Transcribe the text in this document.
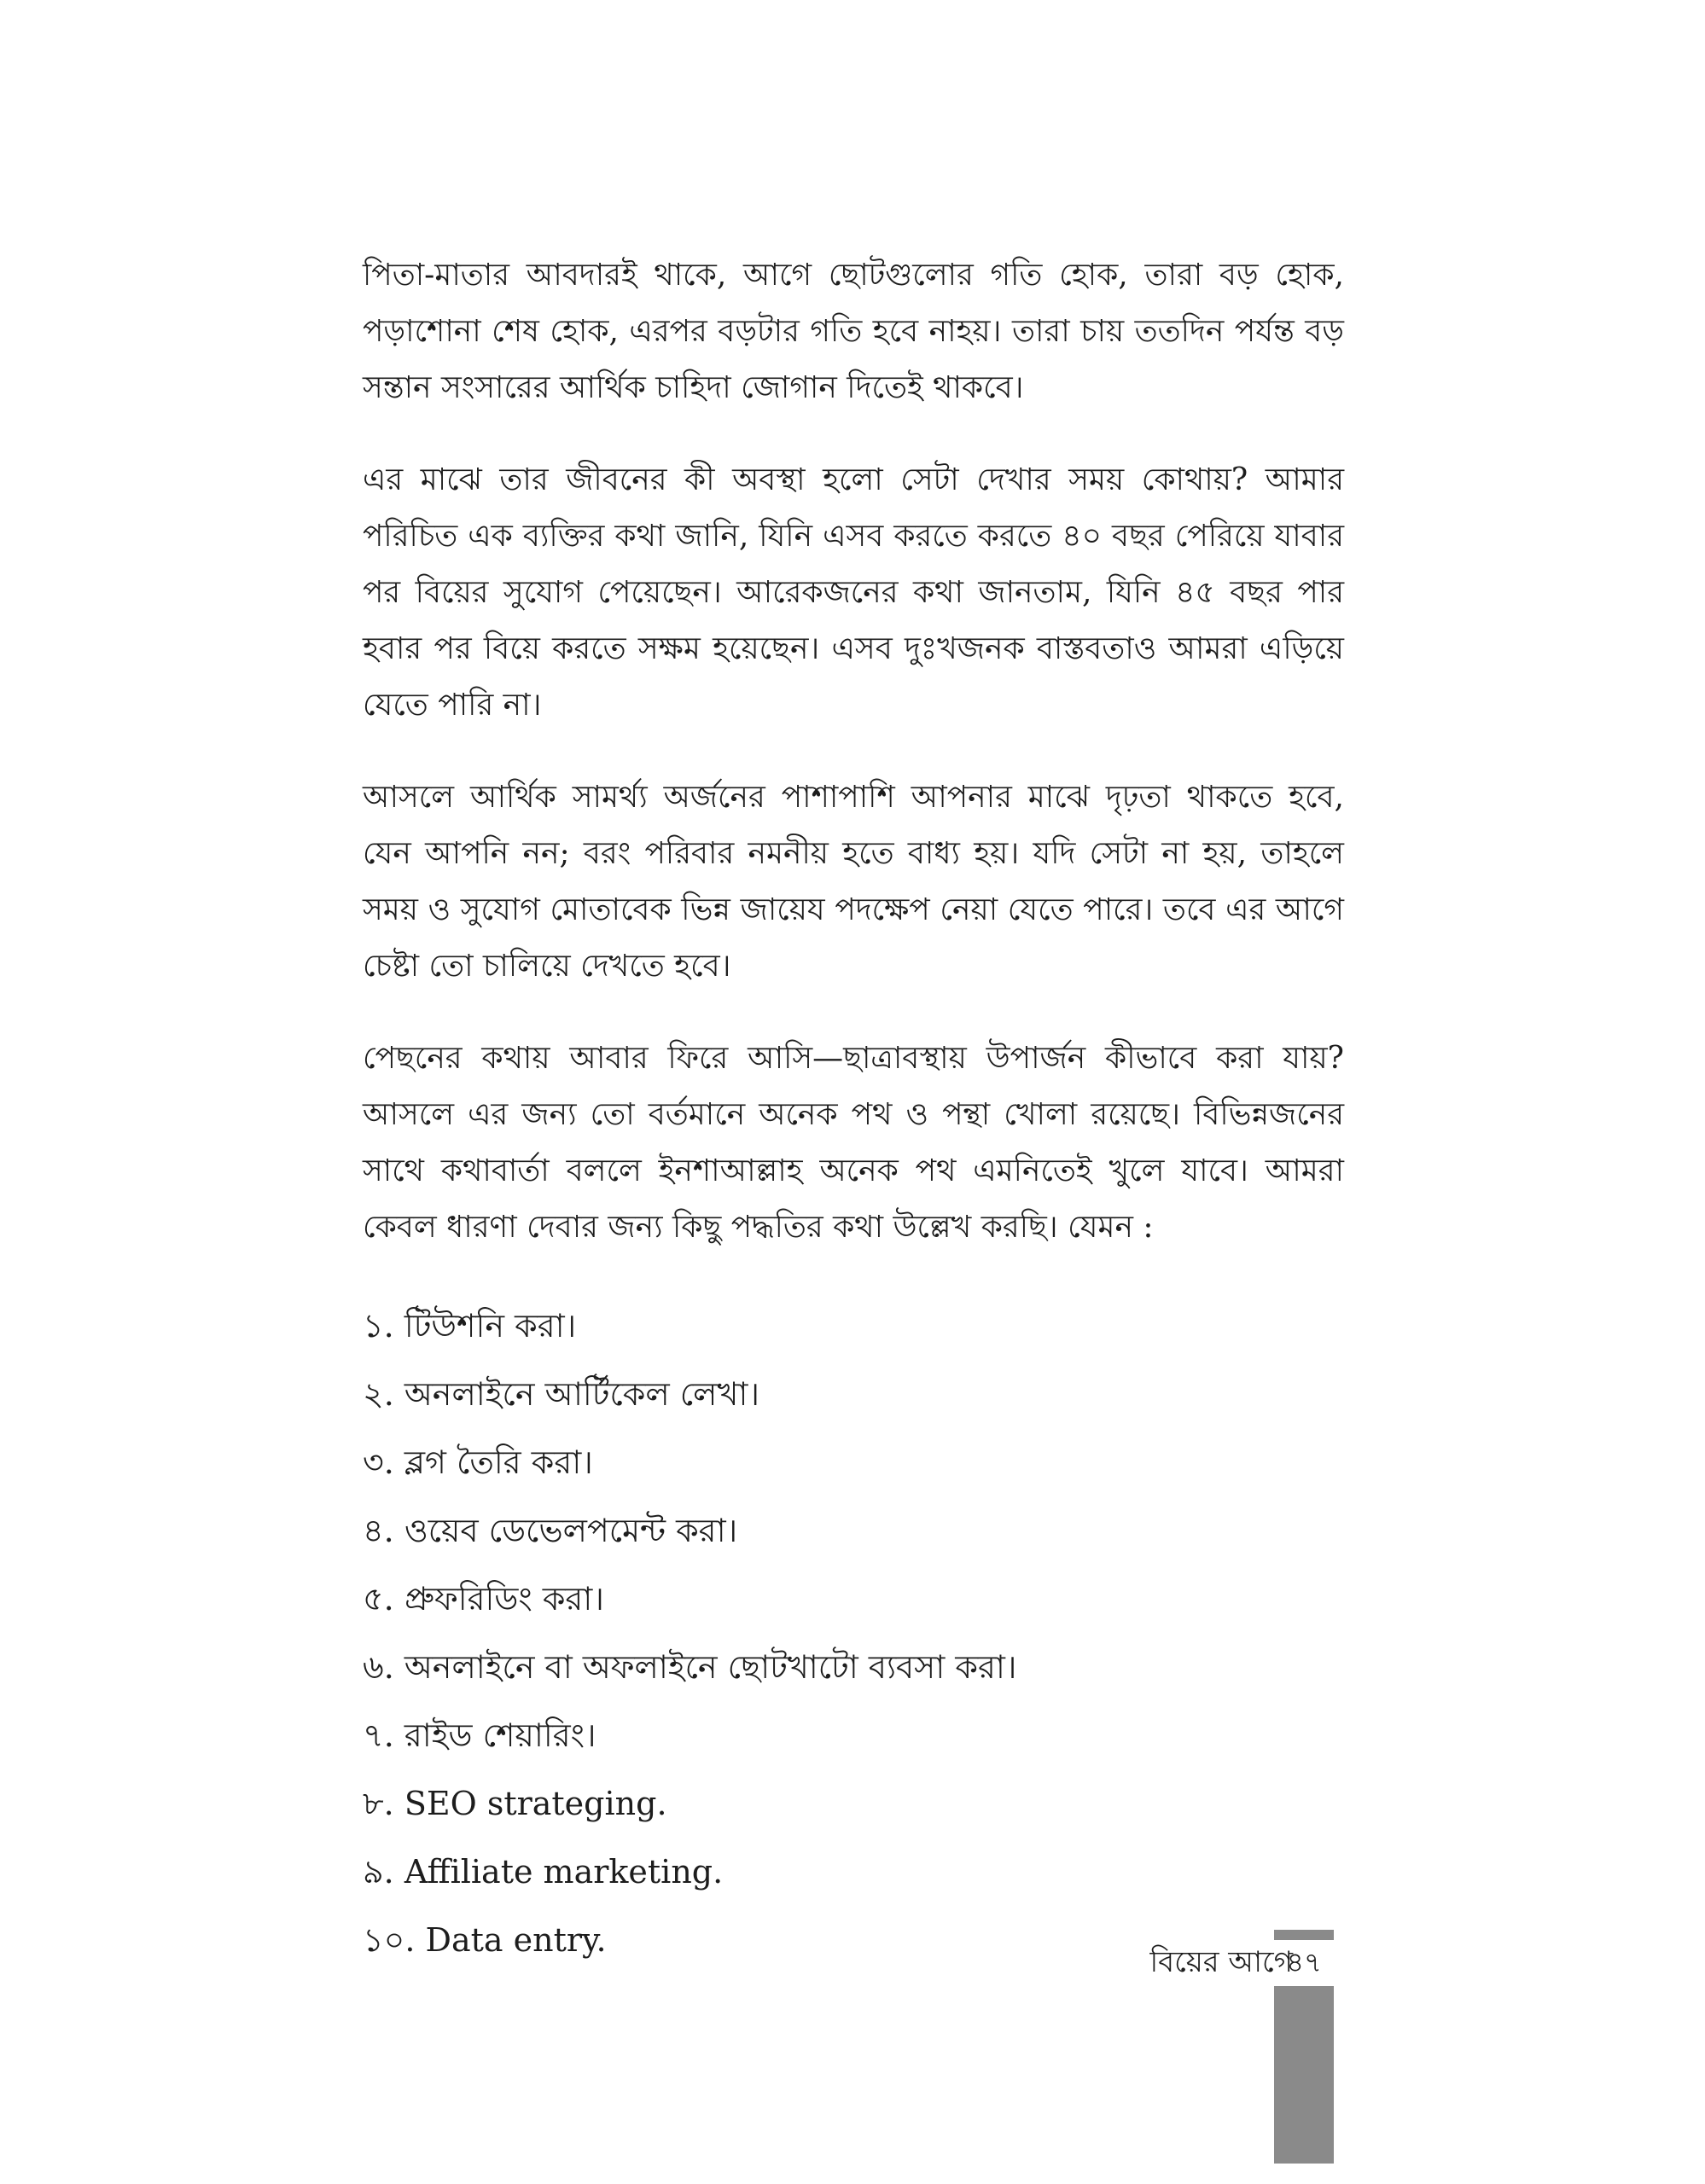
পিতা-মাতার আবদারই থাকে, আগে ছোটগুলোর গতি হোক, তারা বড় হোক, পড়াশোনা শেষ হোক, এরপর বড়টার গতি হবে নাহয়। তারা চায় ততদিন পর্যন্ত বড় সন্তান সংসারের আর্থিক চাহিদা জোগান দিতেই থাকবে।

এর মাঝে তার জীবনের কী অবস্থা হলো সেটা দেখার সময় কোথায়? আমার পরিচিত এক ব্যক্তির কথা জানি, যিনি এসব করতে করতে ৪০ বছর পেরিয়ে যাবার পর বিয়ের সুযোগ পেয়েছেন। আরেকজনের কথা জানতাম, যিনি ৪৫ বছর পার হবার পর বিয়ে করতে সক্ষম হয়েছেন। এসব দুঃখজনক বাস্তবতাও আমরা এড়িয়ে যেতে পারি না।

আসলে আর্থিক সামর্থ্য অর্জনের পাশাপাশি আপনার মাঝে দৃঢ়তা থাকতে হবে, যেন আপনি নন; বরং পরিবার নমনীয় হতে বাধ্য হয়। যদি সেটা না হয়, তাহলে সময় ও সুযোগ মোতাবেক ভিন্ন জায়েয পদক্ষেপ নেয়া যেতে পারে। তবে এর আগে চেষ্টা তো চালিয়ে দেখতে হবে।

পেছনের কথায় আবার ফিরে আসি—ছাত্রাবস্থায় উপার্জন কীভাবে করা যায়? আসলে এর জন্য তো বর্তমানে অনেক পথ ও পন্থা খোলা রয়েছে। বিভিন্নজনের সাথে কথাবার্তা বললে ইনশাআল্লাহ অনেক পথ এমনিতেই খুলে যাবে। আমরা কেবল ধারণা দেবার জন্য কিছু পদ্ধতির কথা উল্লেখ করছি। যেমন :

১. টিউশনি করা।
২. অনলাইনে আর্টিকেল লেখা।
৩. ব্লগ তৈরি করা।
৪. ওয়েব ডেভেলপমেন্ট করা।
৫. প্রুফরিডিং করা।
৬. অনলাইনে বা অফলাইনে ছোটখাটো ব্যবসা করা।
৭. রাইড শেয়ারিং।
৮. SEO strateging.
৯. Affiliate marketing.
১০. Data entry.
বিয়ের আগে
৪৭
